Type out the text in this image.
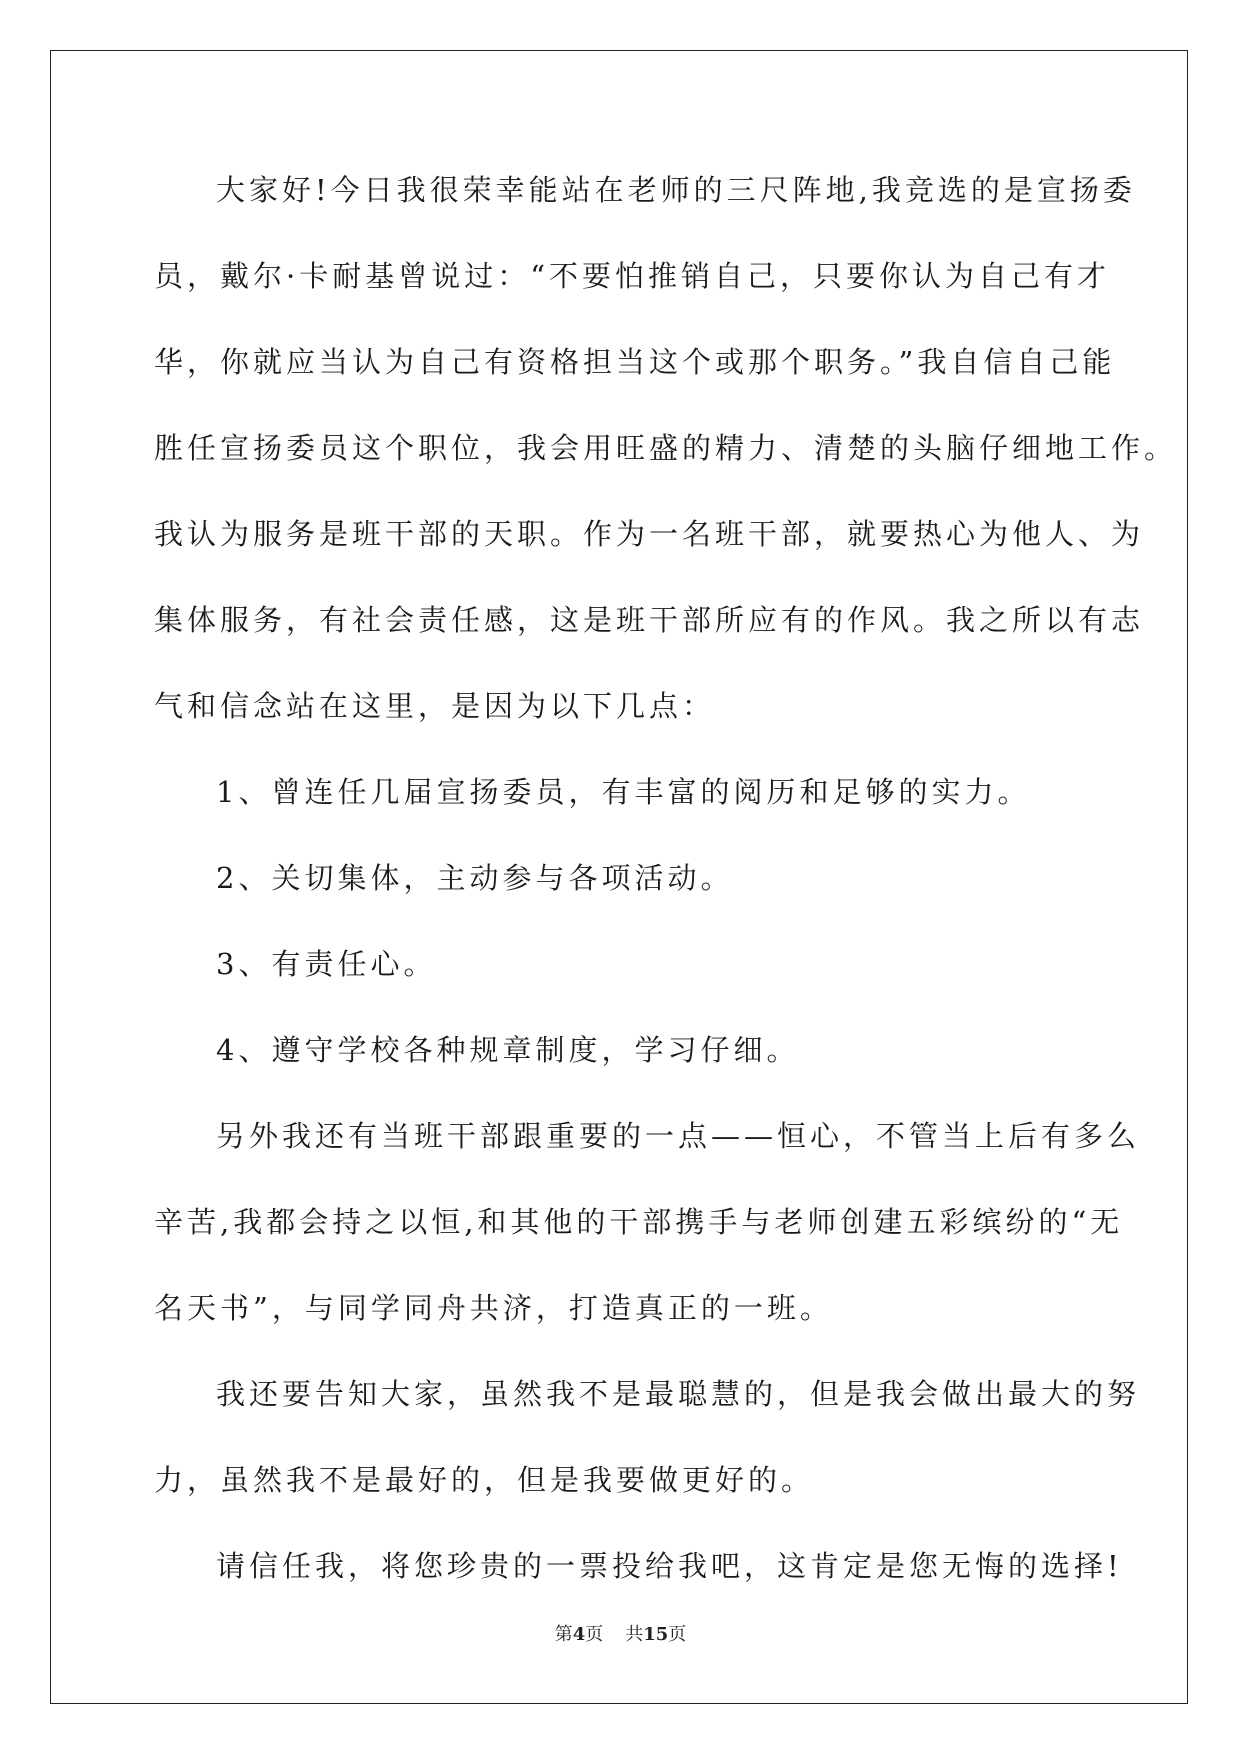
大家好!今日我很荣幸能站在老师的三尺阵地,我竞选的是宣扬委
员，戴尔·卡耐基曾说过：“不要怕推销自己，只要你认为自己有才
华，你就应当认为自己有资格担当这个或那个职务。”我自信自己能
胜任宣扬委员这个职位，我会用旺盛的精力、清楚的头脑仔细地工作。
我认为服务是班干部的天职。作为一名班干部，就要热心为他人、为
集体服务，有社会责任感，这是班干部所应有的作风。我之所以有志
气和信念站在这里，是因为以下几点：
1、曾连任几届宣扬委员，有丰富的阅历和足够的实力。
2、关切集体，主动参与各项活动。
3、有责任心。
4、遵守学校各种规章制度，学习仔细。
另外我还有当班干部跟重要的一点——恒心，不管当上后有多么
辛苦,我都会持之以恒,和其他的干部携手与老师创建五彩缤纷的“无
名天书”，与同学同舟共济，打造真正的一班。
我还要告知大家，虽然我不是最聪慧的，但是我会做出最大的努
力，虽然我不是最好的，但是我要做更好的。
请信任我，将您珍贵的一票投给我吧，这肯定是您无悔的选择!
第4页 共15页
